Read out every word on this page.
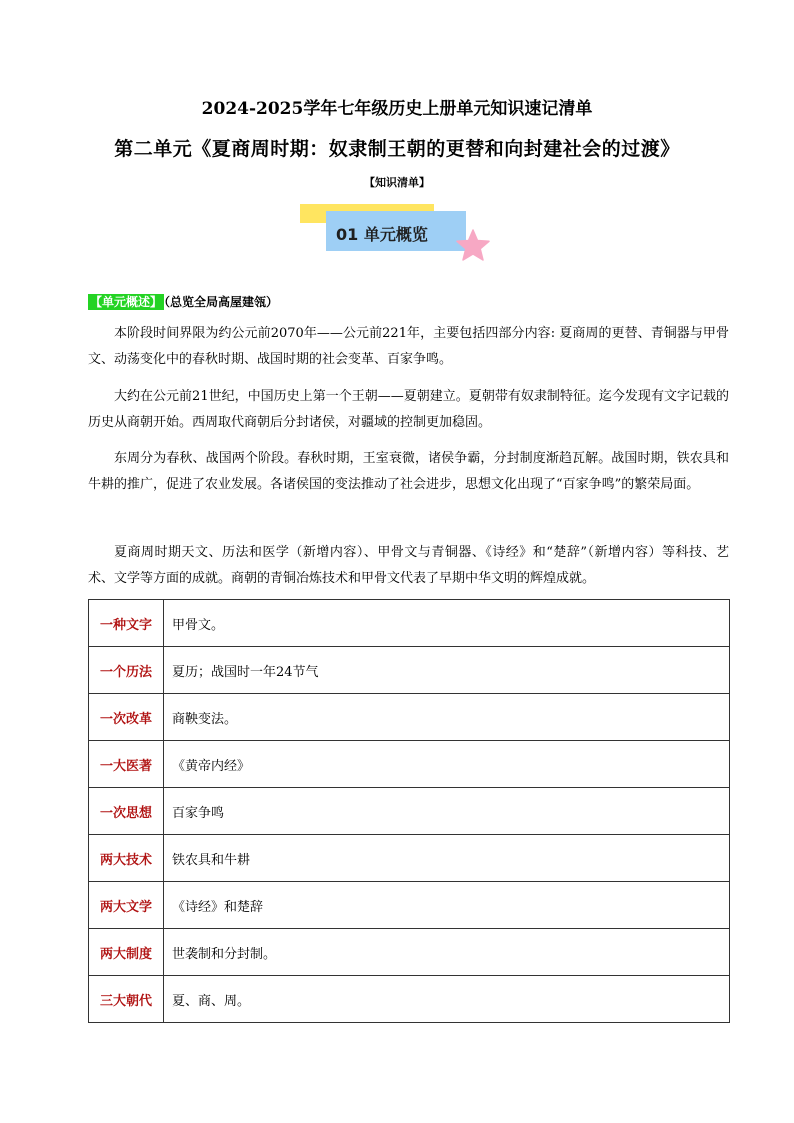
2024-2025学年七年级历史上册单元知识速记清单
第二单元《夏商周时期：奴隶制王朝的更替和向封建社会的过渡》
【知识清单】
01 单元概览
【单元概述】 （总览全局高屋建瓴）

本阶段时间界限为约公元前2070年——公元前221年，主要包括四部分内容: 夏商周的更替、青铜器与甲骨文、动荡变化中的春秋时期、战国时期的社会变革、百家争鸣。

大约在公元前21世纪，中国历史上第一个王朝——夏朝建立。夏朝带有奴隶制特征。迄今发现有文字记载的历史从商朝开始。西周取代商朝后分封诸侯，对疆域的控制更加稳固。

东周分为春秋、战国两个阶段。春秋时期，王室衰微，诸侯争霸，分封制度渐趋瓦解。战国时期，铁农具和牛耕的推广，促进了农业发展。各诸侯国的变法推动了社会进步，思想文化出现了“百家争鸣”的繁荣局面。

夏商周时期天文、历法和医学（新增内容）、甲骨文与青铜器、《诗经》和“楚辞”（新增内容）等科技、艺术、文学等方面的成就。商朝的青铜冶炼技术和甲骨文代表了早期中华文明的辉煌成就。

一种文字	甲骨文。
一个历法	夏历；战国时一年24节气
一次改革	商鞅变法。
一大医著	《黄帝内经》
一次思想	百家争鸣
两大技术	铁农具和牛耕
两大文学	《诗经》和楚辞
两大制度	世袭制和分封制。
三大朝代	夏、商、周。
